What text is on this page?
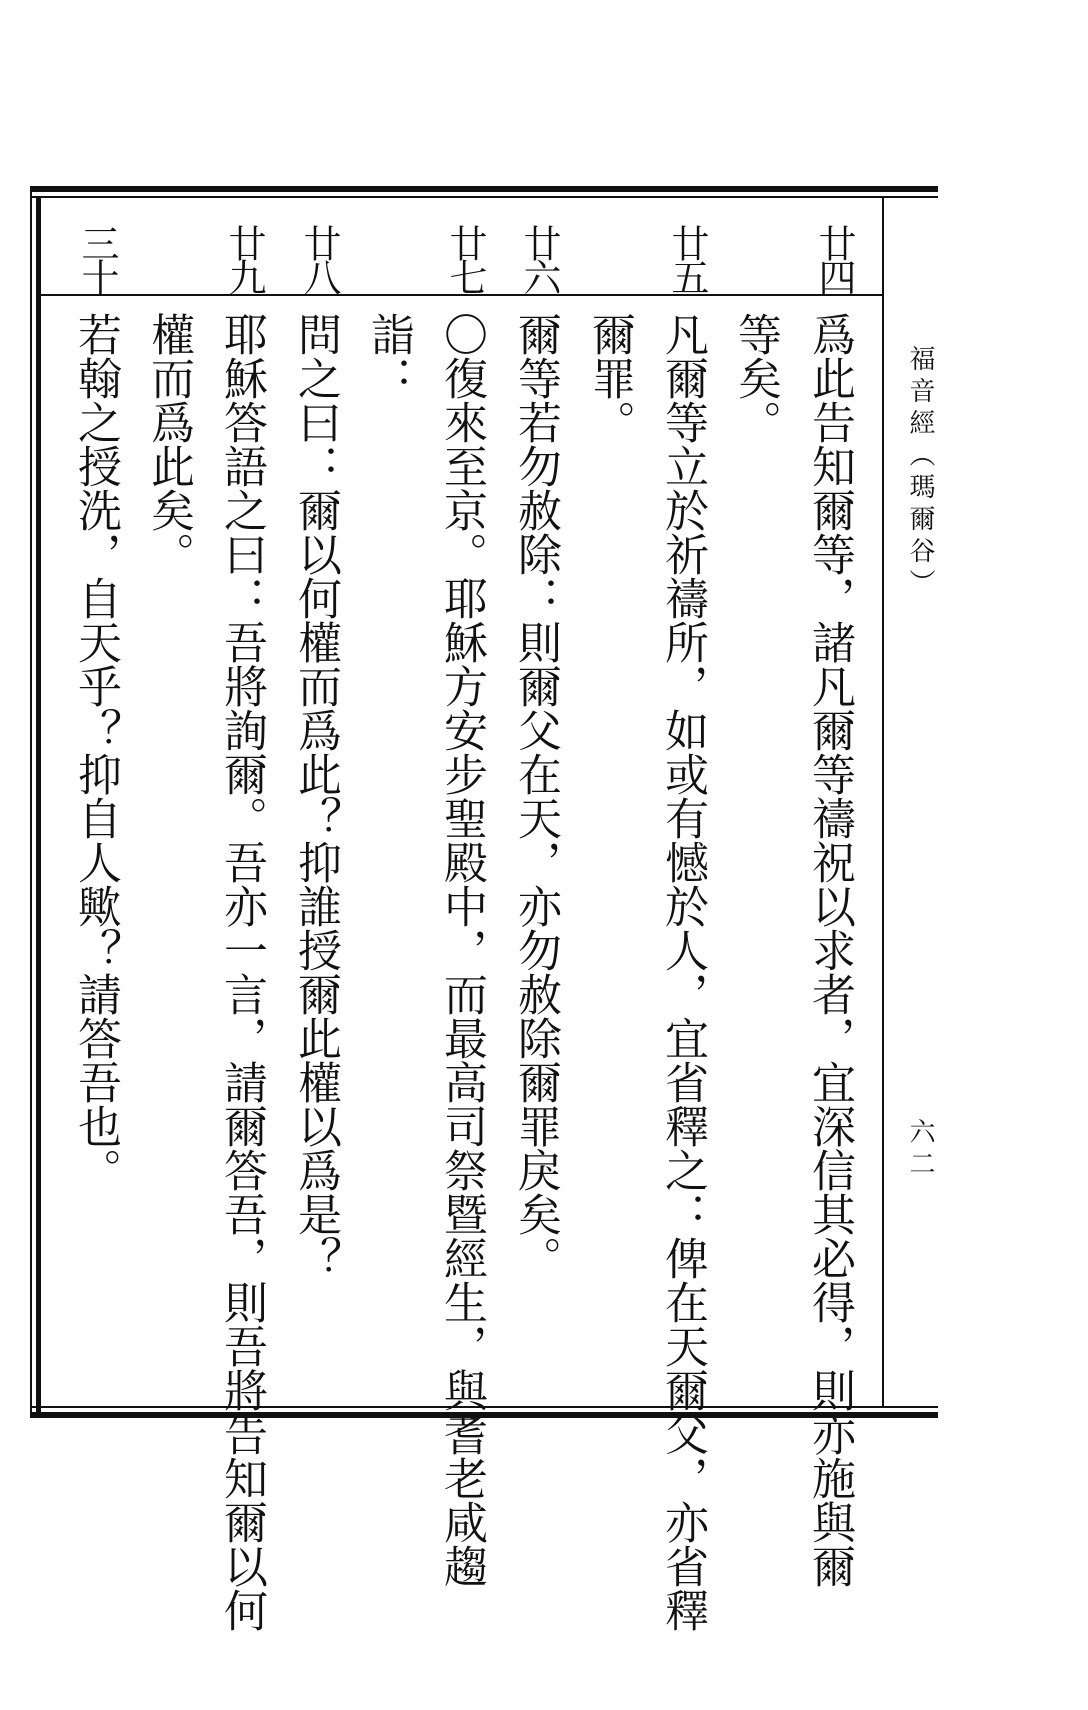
福音經（瑪爾谷）
六二
廿四
廿五
廿六
廿七
廿八
廿九
三十
爲此告知爾等，諸凡爾等禱祝以求者，宜深信其必得，則亦施與爾
等矣。
凡爾等立於祈禱所，如或有憾於人，宜省釋之：俾在天爾父，亦省釋
爾罪。
爾等若勿赦除：則爾父在天，亦勿赦除爾罪戾矣。
〇復來至京。耶穌方安步聖殿中，而最高司祭暨經生，與耆老咸趨
詣：
問之曰：爾以何權而爲此？抑誰授爾此權以爲是？
耶穌答語之曰：吾將詢爾。吾亦一言，請爾答吾，則吾將告知爾以何
權而爲此矣。
若翰之授洗，自天乎？抑自人歟？請答吾也。
